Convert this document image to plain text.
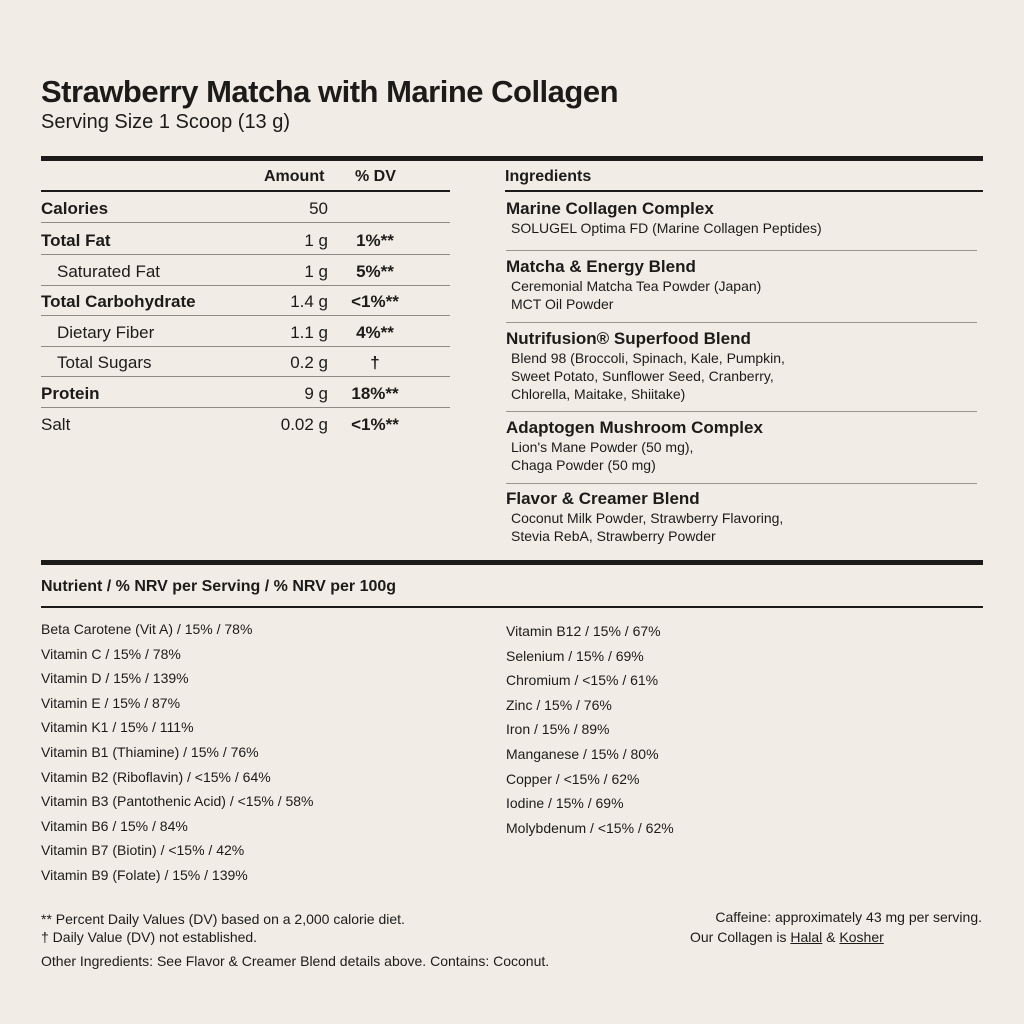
Strawberry Matcha with Marine Collagen
Serving Size 1 Scoop (13 g)
Amount % DV	Ingredients
Calories	50
Total Fat	1 g	1%**
Saturated Fat	1 g	5%**
Total Carbohydrate	1.4 g	<1%**
Dietary Fiber	1.1 g	4%**
Total Sugars	0.2 g	†
Protein	9 g	18%**
Salt	0.02 g	<1%**
Marine Collagen Complex
SOLUGEL Optima FD (Marine Collagen Peptides)
Matcha & Energy Blend
Ceremonial Matcha Tea Powder (Japan)
MCT Oil Powder
Nutrifusion® Superfood Blend
Blend 98 (Broccoli, Spinach, Kale, Pumpkin,
Sweet Potato, Sunflower Seed, Cranberry,
Chlorella, Maitake, Shiitake)
Adaptogen Mushroom Complex
Lion's Mane Powder (50 mg),
Chaga Powder (50 mg)
Flavor & Creamer Blend
Coconut Milk Powder, Strawberry Flavoring,
Stevia RebA, Strawberry Powder
Nutrient / % NRV per Serving / % NRV per 100g
Beta Carotene (Vit A) / 15% / 78%
Vitamin C / 15% / 78%
Vitamin D / 15% / 139%
Vitamin E / 15% / 87%
Vitamin K1 / 15% / 111%
Vitamin B1 (Thiamine) / 15% / 76%
Vitamin B2 (Riboflavin) / <15% / 64%
Vitamin B3 (Pantothenic Acid) / <15% / 58%
Vitamin B6 / 15% / 84%
Vitamin B7 (Biotin) / <15% / 42%
Vitamin B9 (Folate) / 15% / 139%
Vitamin B12 / 15% / 67%
Selenium / 15% / 69%
Chromium / <15% / 61%
Zinc / 15% / 76%
Iron / 15% / 89%
Manganese / 15% / 80%
Copper / <15% / 62%
Iodine / 15% / 69%
Molybdenum / <15% / 62%
** Percent Daily Values (DV) based on a 2,000 calorie diet.
† Daily Value (DV) not established.
Other Ingredients: See Flavor & Creamer Blend details above. Contains: Coconut.
Caffeine: approximately 43 mg per serving.
Our Collagen is Halal & Kosher
